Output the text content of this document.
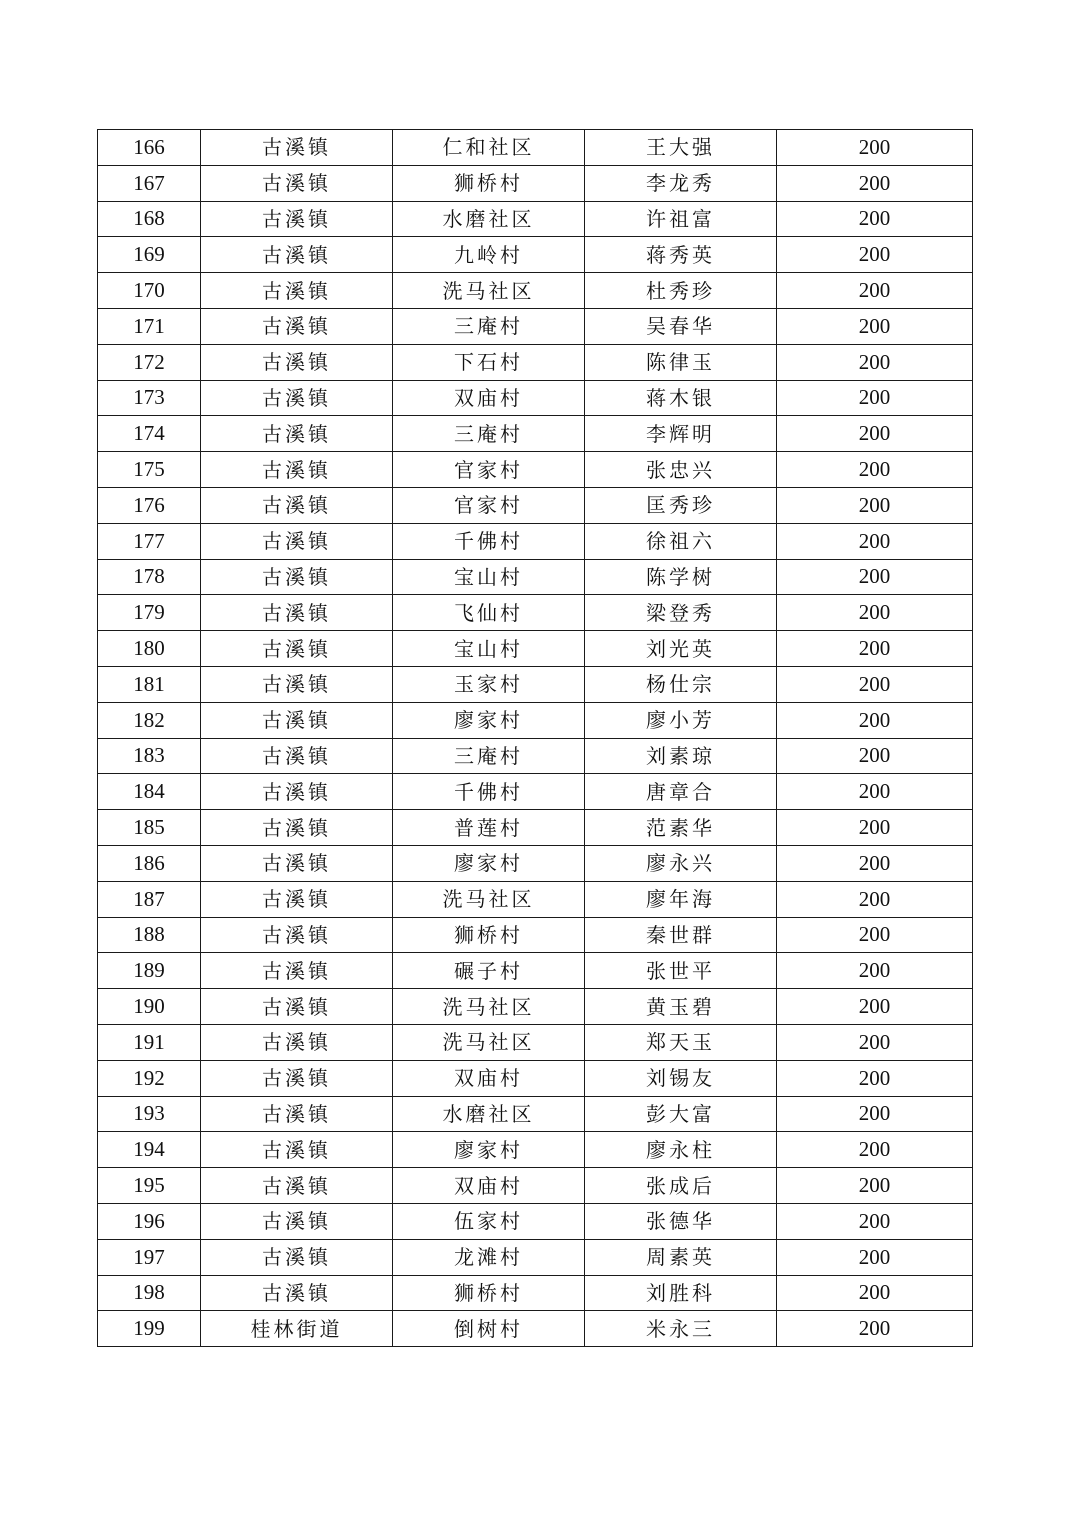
166	古溪镇	仁和社区	王大强	200
167	古溪镇	狮桥村	李龙秀	200
168	古溪镇	水磨社区	许祖富	200
169	古溪镇	九岭村	蒋秀英	200
170	古溪镇	洗马社区	杜秀珍	200
171	古溪镇	三庵村	吴春华	200
172	古溪镇	下石村	陈律玉	200
173	古溪镇	双庙村	蒋木银	200
174	古溪镇	三庵村	李辉明	200
175	古溪镇	官家村	张忠兴	200
176	古溪镇	官家村	匡秀珍	200
177	古溪镇	千佛村	徐祖六	200
178	古溪镇	宝山村	陈学树	200
179	古溪镇	飞仙村	梁登秀	200
180	古溪镇	宝山村	刘光英	200
181	古溪镇	玉家村	杨仕宗	200
182	古溪镇	廖家村	廖小芳	200
183	古溪镇	三庵村	刘素琼	200
184	古溪镇	千佛村	唐章合	200
185	古溪镇	普莲村	范素华	200
186	古溪镇	廖家村	廖永兴	200
187	古溪镇	洗马社区	廖年海	200
188	古溪镇	狮桥村	秦世群	200
189	古溪镇	碾子村	张世平	200
190	古溪镇	洗马社区	黄玉碧	200
191	古溪镇	洗马社区	郑天玉	200
192	古溪镇	双庙村	刘锡友	200
193	古溪镇	水磨社区	彭大富	200
194	古溪镇	廖家村	廖永柱	200
195	古溪镇	双庙村	张成后	200
196	古溪镇	伍家村	张德华	200
197	古溪镇	龙滩村	周素英	200
198	古溪镇	狮桥村	刘胜科	200
199	桂林街道	倒树村	米永三	200
